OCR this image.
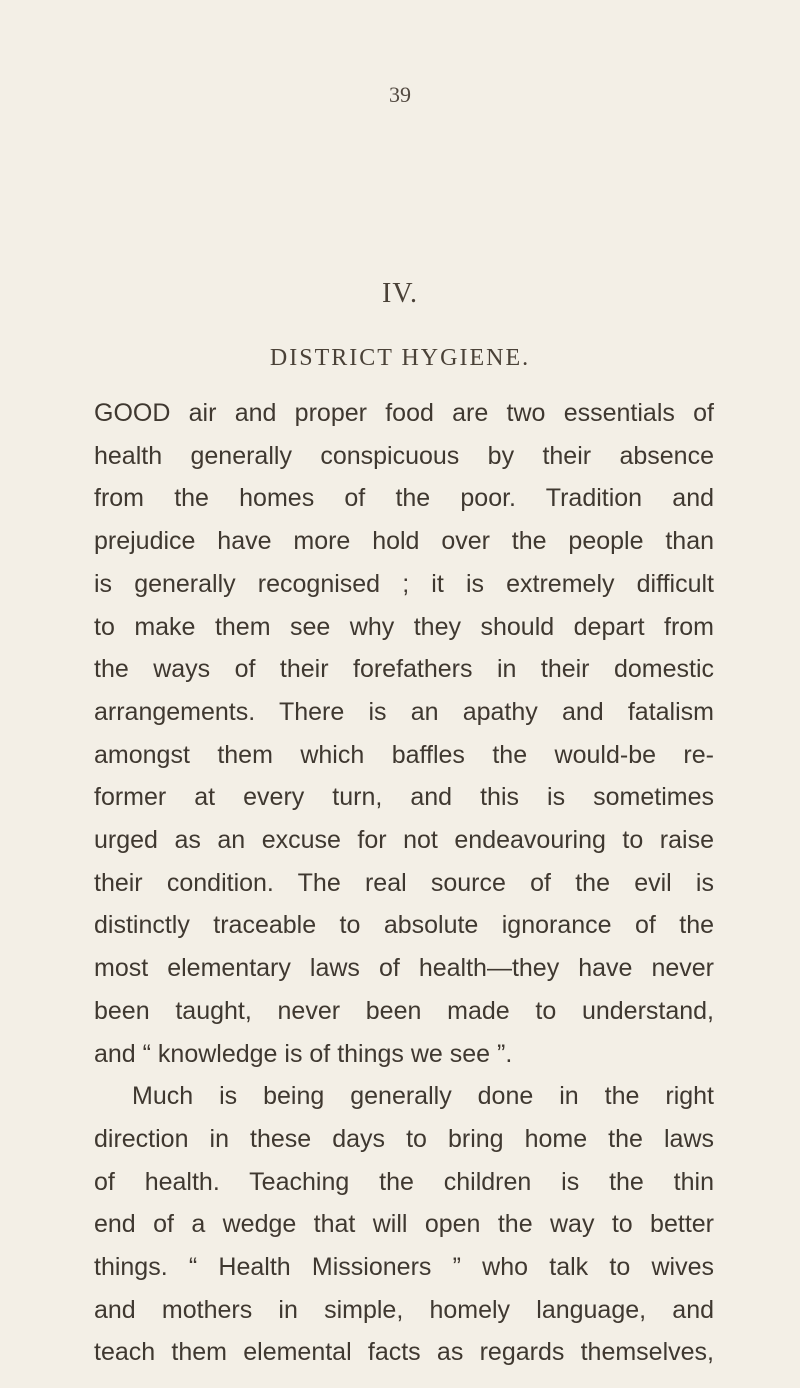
39
IV.
DISTRICT HYGIENE.
GOOD air and proper food are two essentials of
health generally conspicuous by their absence
from the homes of the poor. Tradition and
prejudice have more hold over the people than
is generally recognised ; it is extremely difficult
to make them see why they should depart from
the ways of their forefathers in their domestic
arrangements. There is an apathy and fatalism
amongst them which baffles the would-be re-
former at every turn, and this is sometimes
urged as an excuse for not endeavouring to raise
their condition. The real source of the evil is
distinctly traceable to absolute ignorance of the
most elementary laws of health—they have never
been taught, never been made to understand,
and “ knowledge is of things we see ”.
Much is being generally done in the right
direction in these days to bring home the laws
of health. Teaching the children is the thin
end of a wedge that will open the way to better
things. “ Health Missioners ” who talk to wives
and mothers in simple, homely language, and
teach them elemental facts as regards themselves,
